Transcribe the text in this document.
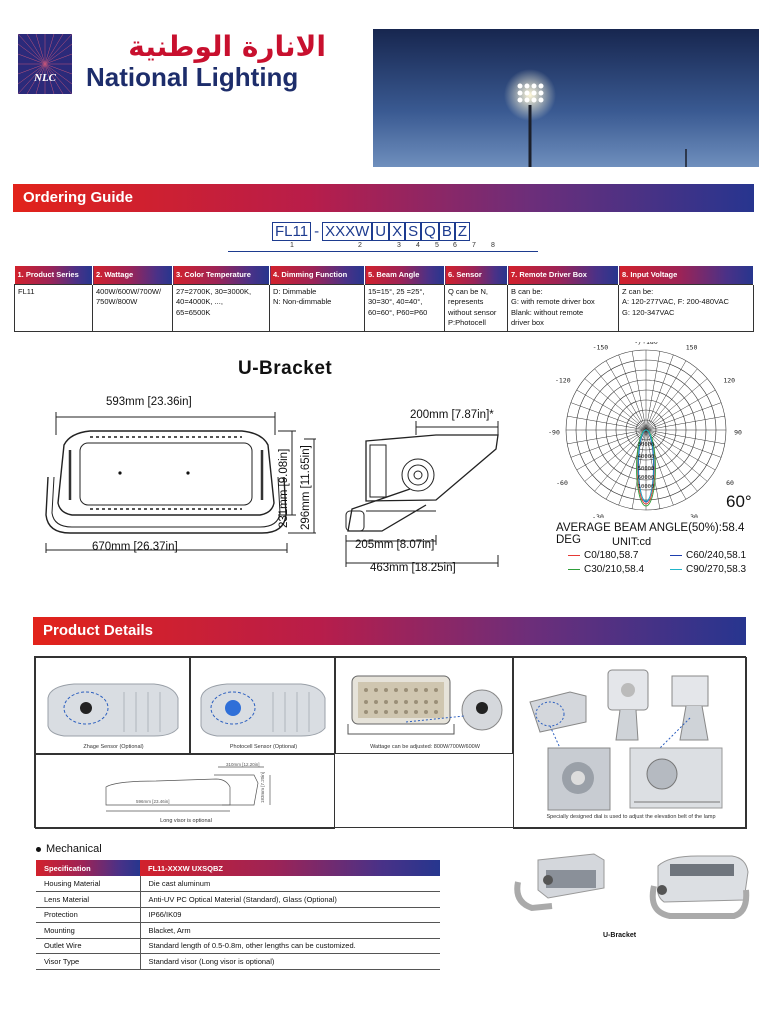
NLC
الانارة الوطنية
National Lighting
Ordering Guide
FL11 - XXXW U X S Q B Z
1	2	3 4 5 6 7 8
1. Product Series	2. Wattage	3. Color Temperature	4. Dimming Function	5. Beam Angle	6. Sensor	7. Remote Driver Box	8. Input Voltage
FL11	400W/600W/700W/
750W/800W	27=2700K, 30=3000K,
40=4000K, ...,
65=6500K	D: Dimmable
N: Non-dimmable	15=15°, 25 =25°,
30=30°, 40=40°,
60=60°, P60=P60	Q can be N,
represents
without sensor
P:Photocell	B can be:
G: with remote driver box
Blank: without remote
driver box	Z can be:
A: 120-277VAC, F: 200-480VAC
G: 120-347VAC
U-Bracket
593mm [23.36in]
670mm [26.37in]
231mm [9.08in] 296mm [11.65in]
200mm [7.87in]*
205mm [8.07in]
463mm [18.25in]
-/+180
-150	150
-120	120
-90	90
-60	60
-30	30
30000
40000
50000
60000
10000
60°
AVERAGE BEAM ANGLE(50%):58.4 DEG	UNIT:cd
C0/180,58.7	C60/240,58.1
C30/210,58.4	C90/270,58.3
Product Details
Zhage Sensor (Optional)	Photocell Sensor (Optional)	Wattage can be adjusted: 800W/700W/600W
Specially designed dial is used to adjust the elevation belt of the lamp
310mm [12.20in]
596mm [23.46in]	183mm [7.20in]
Long visor is optional
Mechanical
Specification	FL11-XXXW UXSQBZ
Housing Material	Die cast aluminum
Lens Material	Anti-UV PC Optical Material (Standard), Glass (Optional)
Protection	IP66/IK09
Mounting	Blacket, Arm
Outlet Wire	Standard length of 0.5-0.8m, other lengths can be customized.
Visor Type	Standard visor (Long visor is optional)
U-Bracket
